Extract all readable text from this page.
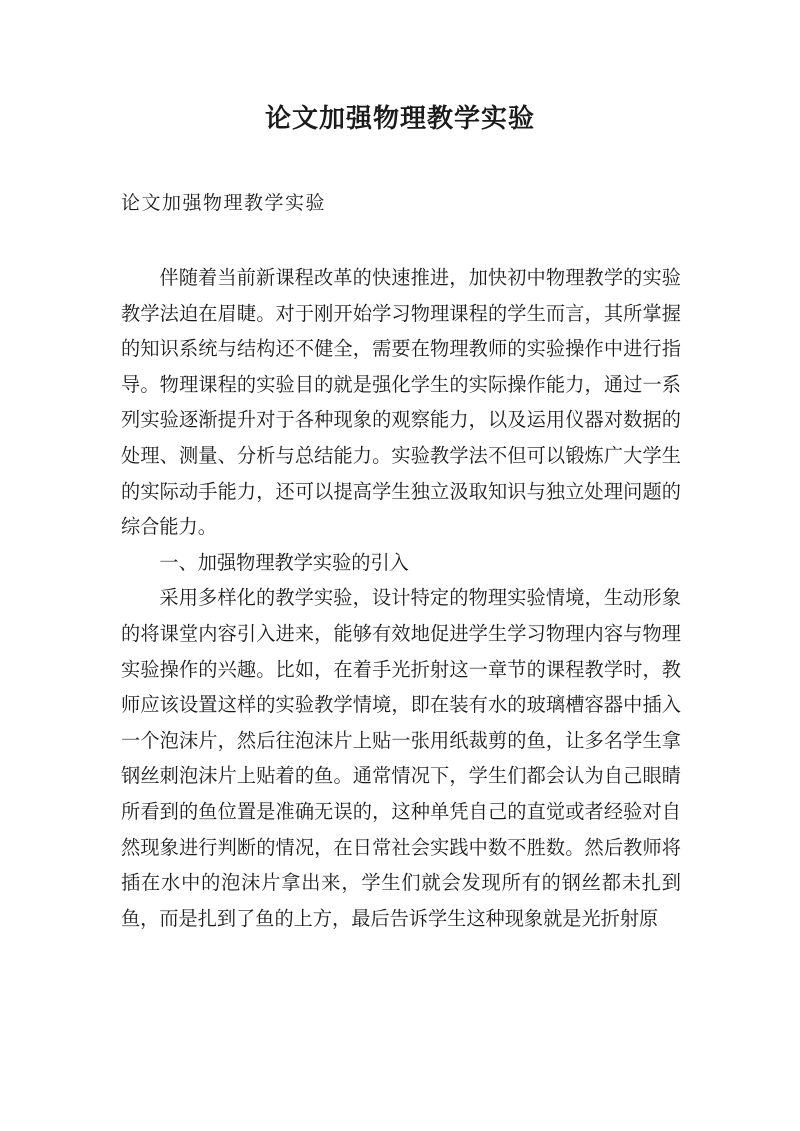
论文加强物理教学实验
论文加强物理教学实验

伴随着当前新课程改革的快速推进，加快初中物理教学的实验教学法迫在眉睫。对于刚开始学习物理课程的学生而言，其所掌握的知识系统与结构还不健全，需要在物理教师的实验操作中进行指导。物理课程的实验目的就是强化学生的实际操作能力，通过一系列实验逐渐提升对于各种现象的观察能力，以及运用仪器对数据的处理、测量、分析与总结能力。实验教学法不但可以锻炼广大学生的实际动手能力，还可以提高学生独立汲取知识与独立处理问题的综合能力。

一、加强物理教学实验的引入

采用多样化的教学实验，设计特定的物理实验情境，生动形象的将课堂内容引入进来，能够有效地促进学生学习物理内容与物理实验操作的兴趣。比如，在着手光折射这一章节的课程教学时，教师应该设置这样的实验教学情境，即在装有水的玻璃槽容器中插入一个泡沫片，然后往泡沫片上贴一张用纸裁剪的鱼，让多名学生拿钢丝刺泡沫片上贴着的鱼。通常情况下，学生们都会认为自己眼睛所看到的鱼位置是准确无误的，这种单凭自己的直觉或者经验对自然现象进行判断的情况，在日常社会实践中数不胜数。然后教师将插在水中的泡沫片拿出来，学生们就会发现所有的钢丝都未扎到鱼，而是扎到了鱼的上方，最后告诉学生这种现象就是光折射原
